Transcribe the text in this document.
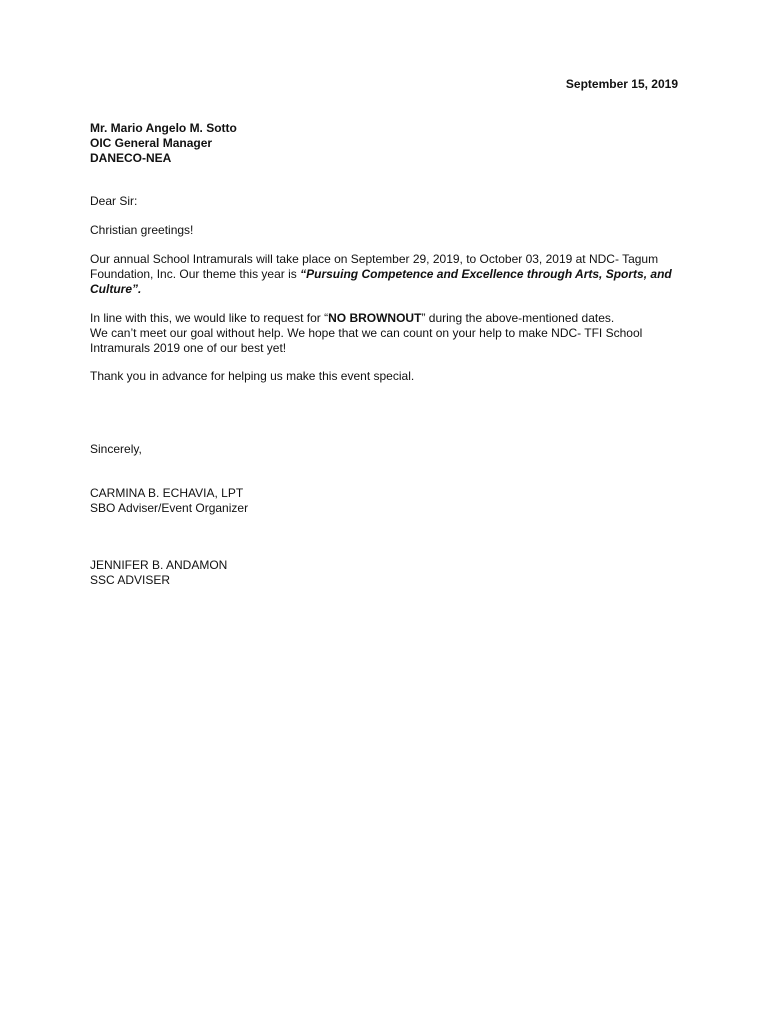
September 15, 2019
Mr. Mario Angelo M. Sotto
OIC General Manager
DANECO-NEA
Dear Sir:
Christian greetings!
Our annual School Intramurals will take place on September 29, 2019, to October 03, 2019 at NDC- Tagum
Foundation, Inc. Our theme this year is “Pursuing Competence and Excellence through Arts, Sports, and
Culture”.
In line with this, we would like to request for “NO BROWNOUT” during the above-mentioned dates.
We can’t meet our goal without help. We hope that we can count on your help to make NDC- TFI School
Intramurals 2019 one of our best yet!
Thank you in advance for helping us make this event special.
Sincerely,
CARMINA B. ECHAVIA, LPT
SBO Adviser/Event Organizer
JENNIFER B. ANDAMON
SSC ADVISER
